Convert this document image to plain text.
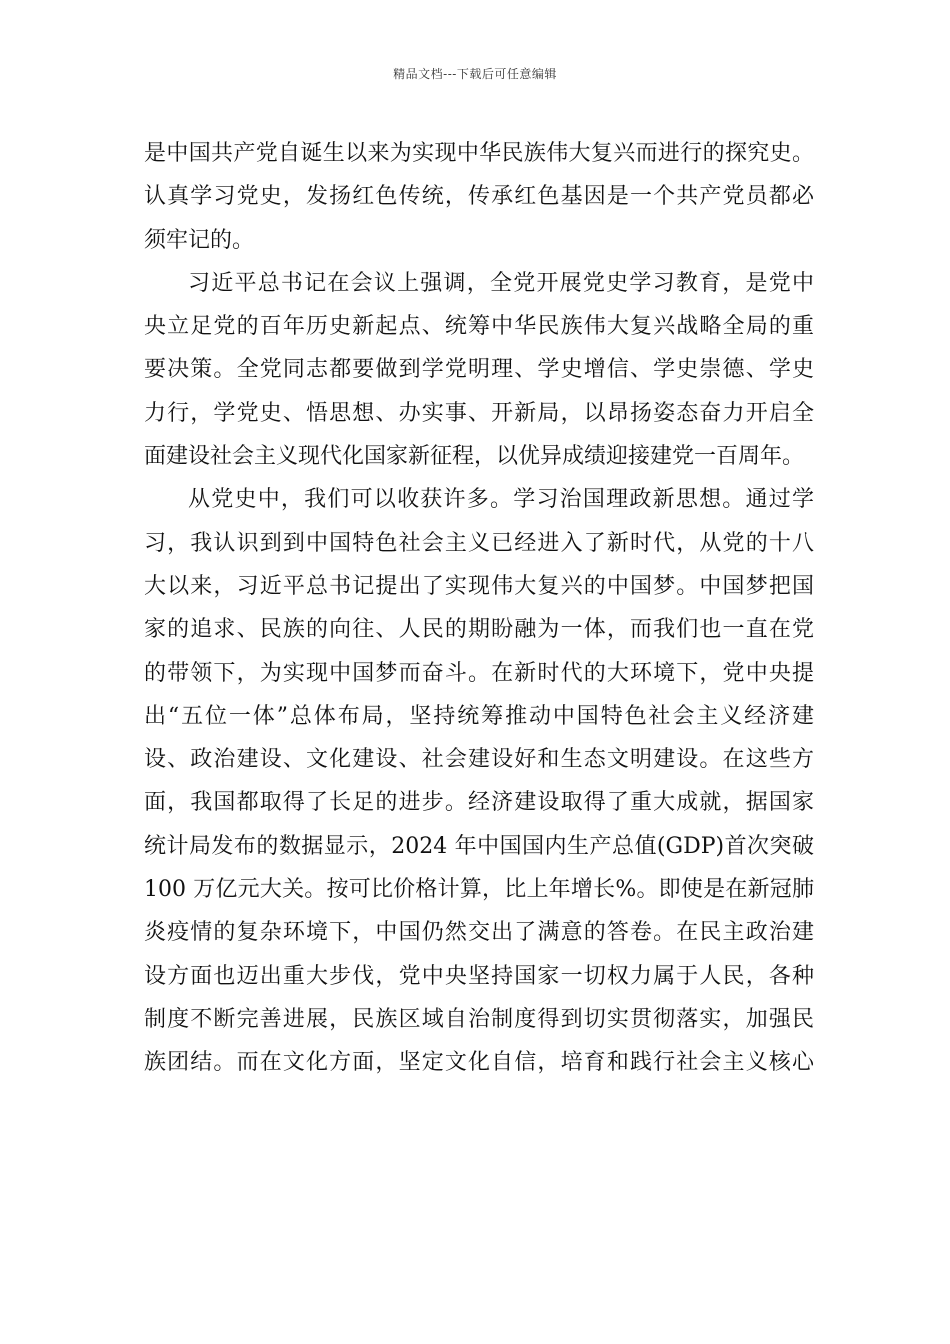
精品文档---下载后可任意编辑
是中国共产党自诞生以来为实现中华民族伟大复兴而进行的探究史。
认真学习党史，发扬红色传统，传承红色基因是一个共产党员都必
须牢记的。
习近平总书记在会议上强调，全党开展党史学习教育，是党中
央立足党的百年历史新起点、统筹中华民族伟大复兴战略全局的重
要决策。全党同志都要做到学党明理、学史增信、学史崇德、学史
力行，学党史、悟思想、办实事、开新局，以昂扬姿态奋力开启全
面建设社会主义现代化国家新征程，以优异成绩迎接建党一百周年。
从党史中，我们可以收获许多。学习治国理政新思想。通过学
习，我认识到到中国特色社会主义已经进入了新时代，从党的十八
大以来，习近平总书记提出了实现伟大复兴的中国梦。中国梦把国
家的追求、民族的向往、人民的期盼融为一体，而我们也一直在党
的带领下，为实现中国梦而奋斗。在新时代的大环境下，党中央提
出“五位一体”总体布局，坚持统筹推动中国特色社会主义经济建
设、政治建设、文化建设、社会建设好和生态文明建设。在这些方
面，我国都取得了长足的进步。经济建设取得了重大成就，据国家
统计局发布的数据显示，2024 年中国国内生产总值(GDP)首次突破
100 万亿元大关。按可比价格计算，比上年增长%。即使是在新冠肺
炎疫情的复杂环境下，中国仍然交出了满意的答卷。在民主政治建
设方面也迈出重大步伐，党中央坚持国家一切权力属于人民，各种
制度不断完善进展，民族区域自治制度得到切实贯彻落实，加强民
族团结。而在文化方面，坚定文化自信，培育和践行社会主义核心
